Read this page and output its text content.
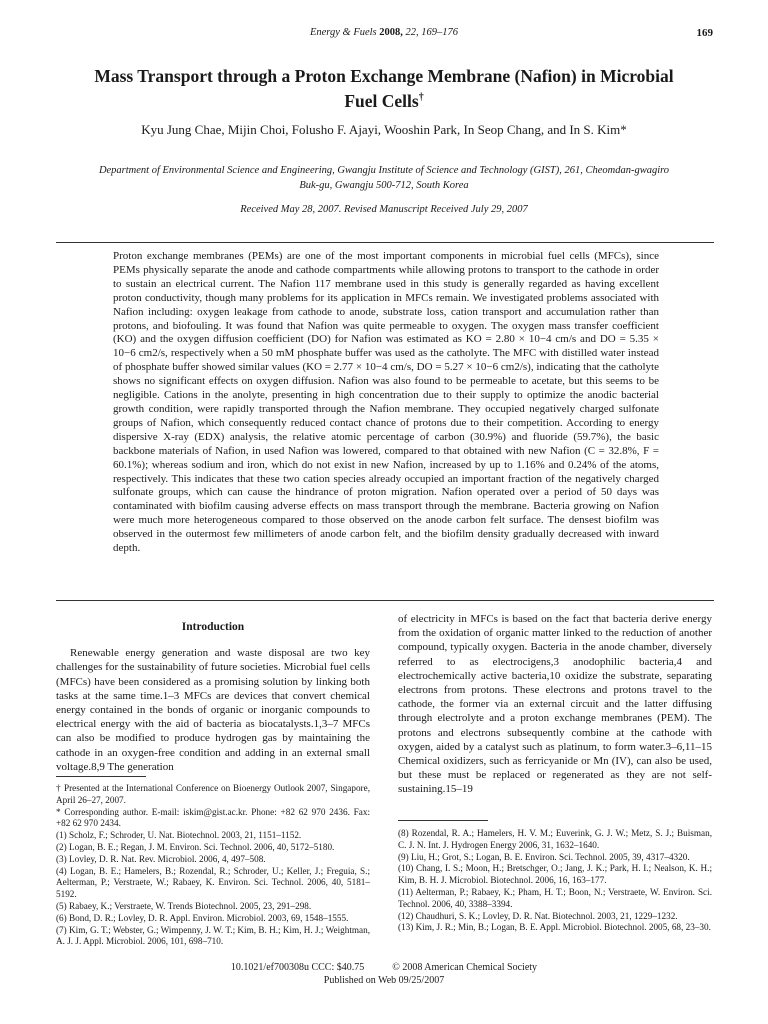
Energy & Fuels 2008, 22, 169–176	169
Mass Transport through a Proton Exchange Membrane (Nafion) in Microbial Fuel Cells†
Kyu Jung Chae, Mijin Choi, Folusho F. Ajayi, Wooshin Park, In Seop Chang, and In S. Kim*
Department of Environmental Science and Engineering, Gwangju Institute of Science and Technology (GIST), 261, Cheomdan-gwagiro Buk-gu, Gwangju 500-712, South Korea
Received May 28, 2007. Revised Manuscript Received July 29, 2007
Proton exchange membranes (PEMs) are one of the most important components in microbial fuel cells (MFCs), since PEMs physically separate the anode and cathode compartments while allowing protons to transport to the cathode in order to sustain an electrical current. The Nafion 117 membrane used in this study is generally regarded as having excellent proton conductivity, though many problems for its application in MFCs remain. We investigated problems associated with Nafion including: oxygen leakage from cathode to anode, substrate loss, cation transport and accumulation rather than protons, and biofouling. It was found that Nafion was quite permeable to oxygen. The oxygen mass transfer coefficient (KO) and the oxygen diffusion coefficient (DO) for Nafion was estimated as KO = 2.80 × 10−4 cm/s and DO = 5.35 × 10−6 cm2/s, respectively when a 50 mM phosphate buffer was used as the catholyte. The MFC with distilled water instead of phosphate buffer showed similar values (KO = 2.77 × 10−4 cm/s, DO = 5.27 × 10−6 cm2/s), indicating that the catholyte shows no significant effects on oxygen diffusion. Nafion was also found to be permeable to acetate, but this seems to be negligible. Cations in the anolyte, presenting in high concentration due to their supply to optimize the anodic bacterial growth condition, were rapidly transported through the Nafion membrane. They occupied negatively charged sulfonate groups of Nafion, which consequently reduced contact chance of protons due to their competition. According to energy dispersive X-ray (EDX) analysis, the relative atomic percentage of carbon (30.9%) and fluoride (59.7%), the basic backbone materials of Nafion, in used Nafion was lowered, compared to that obtained with new Nafion (C = 32.8%, F = 60.1%); whereas sodium and iron, which do not exist in new Nafion, increased by up to 1.16% and 0.24% of the atoms, respectively. This indicates that these two cation species already occupied an important fraction of the negatively charged sulfonate groups, which can cause the hindrance of proton migration. Nafion operated over a period of 50 days was contaminated with biofilm causing adverse effects on mass transport through the membrane. Bacteria growing on Nafion were much more heterogeneous compared to those observed on the anode carbon felt surface. The densest biofilm was observed in the outermost few millimeters of anode carbon felt, and the biofilm density gradually decreased with inward depth.
Introduction

Renewable energy generation and waste disposal are two key challenges for the sustainability of future societies. Microbial fuel cells (MFCs) have been considered as a promising solution by linking both tasks at the same time.1–3 MFCs are devices that convert chemical energy contained in the bonds of organic or inorganic compounds to electrical energy with the aid of bacteria as biocatalysts.1,3–7 MFCs can also be modified to produce hydrogen gas by maintaining the cathode in an oxygen-free condition and adding in an external small voltage.8,9 The generation

of electricity in MFCs is based on the fact that bacteria derive energy from the oxidation of organic matter linked to the reduction of another compound, typically oxygen. Bacteria in the anode chamber, diversely referred to as electrocigens,3 anodophilic bacteria,4 and electrochemically active bacteria,10 oxidize the substrate, separating electrons from protons. These electrons and protons travel to the cathode, the former via an external circuit and the latter diffusing through electrolyte and a proton exchange membranes (PEM). The protons and electrons subsequently combine at the cathode with oxygen, aided by a catalyst such as platinum, to form water.3–6,11–15 Chemical oxidizers, such as ferricyanide or Mn (IV), can also be used, but these must be replaced or regenerated as they are not self-sustaining.15–19

† Presented at the International Conference on Bioenergy Outlook 2007, Singapore, April 26–27, 2007.
* Corresponding author. E-mail: iskim@gist.ac.kr. Phone: +82 62 970 2436. Fax: +82 62 970 2434.
(1) Scholz, F.; Schroder, U. Nat. Biotechnol. 2003, 21, 1151–1152.
(2) Logan, B. E.; Regan, J. M. Environ. Sci. Technol. 2006, 40, 5172–5180.
(3) Lovley, D. R. Nat. Rev. Microbiol. 2006, 4, 497–508.
(4) Logan, B. E.; Hamelers, B.; Rozendal, R.; Schroder, U.; Keller, J.; Freguia, S.; Aelterman, P.; Verstraete, W.; Rabaey, K. Environ. Sci. Technol. 2006, 40, 5181–5192.
(5) Rabaey, K.; Verstraete, W. Trends Biotechnol. 2005, 23, 291–298.
(6) Bond, D. R.; Lovley, D. R. Appl. Environ. Microbiol. 2003, 69, 1548–1555.
(7) Kim, G. T.; Webster, G.; Wimpenny, J. W. T.; Kim, B. H.; Kim, H. J.; Weightman, A. J. J. Appl. Microbiol. 2006, 101, 698–710.
(8) Rozendal, R. A.; Hamelers, H. V. M.; Euverink, G. J. W.; Metz, S. J.; Buisman, C. J. N. Int. J. Hydrogen Energy 2006, 31, 1632–1640.
(9) Liu, H.; Grot, S.; Logan, B. E. Environ. Sci. Technol. 2005, 39, 4317–4320.
(10) Chang, I. S.; Moon, H.; Bretschger, O.; Jang, J. K.; Park, H. I.; Nealson, K. H.; Kim, B. H. J. Microbiol. Biotechnol. 2006, 16, 163–177.
(11) Aelterman, P.; Rabaey, K.; Pham, H. T.; Boon, N.; Verstraete, W. Environ. Sci. Technol. 2006, 40, 3388–3394.
(12) Chaudhuri, S. K.; Lovley, D. R. Nat. Biotechnol. 2003, 21, 1229–1232.
(13) Kim, J. R.; Min, B.; Logan, B. E. Appl. Microbiol. Biotechnol. 2005, 68, 23–30.
10.1021/ef700308u CCC: $40.75	© 2008 American Chemical Society
Published on Web 09/25/2007
